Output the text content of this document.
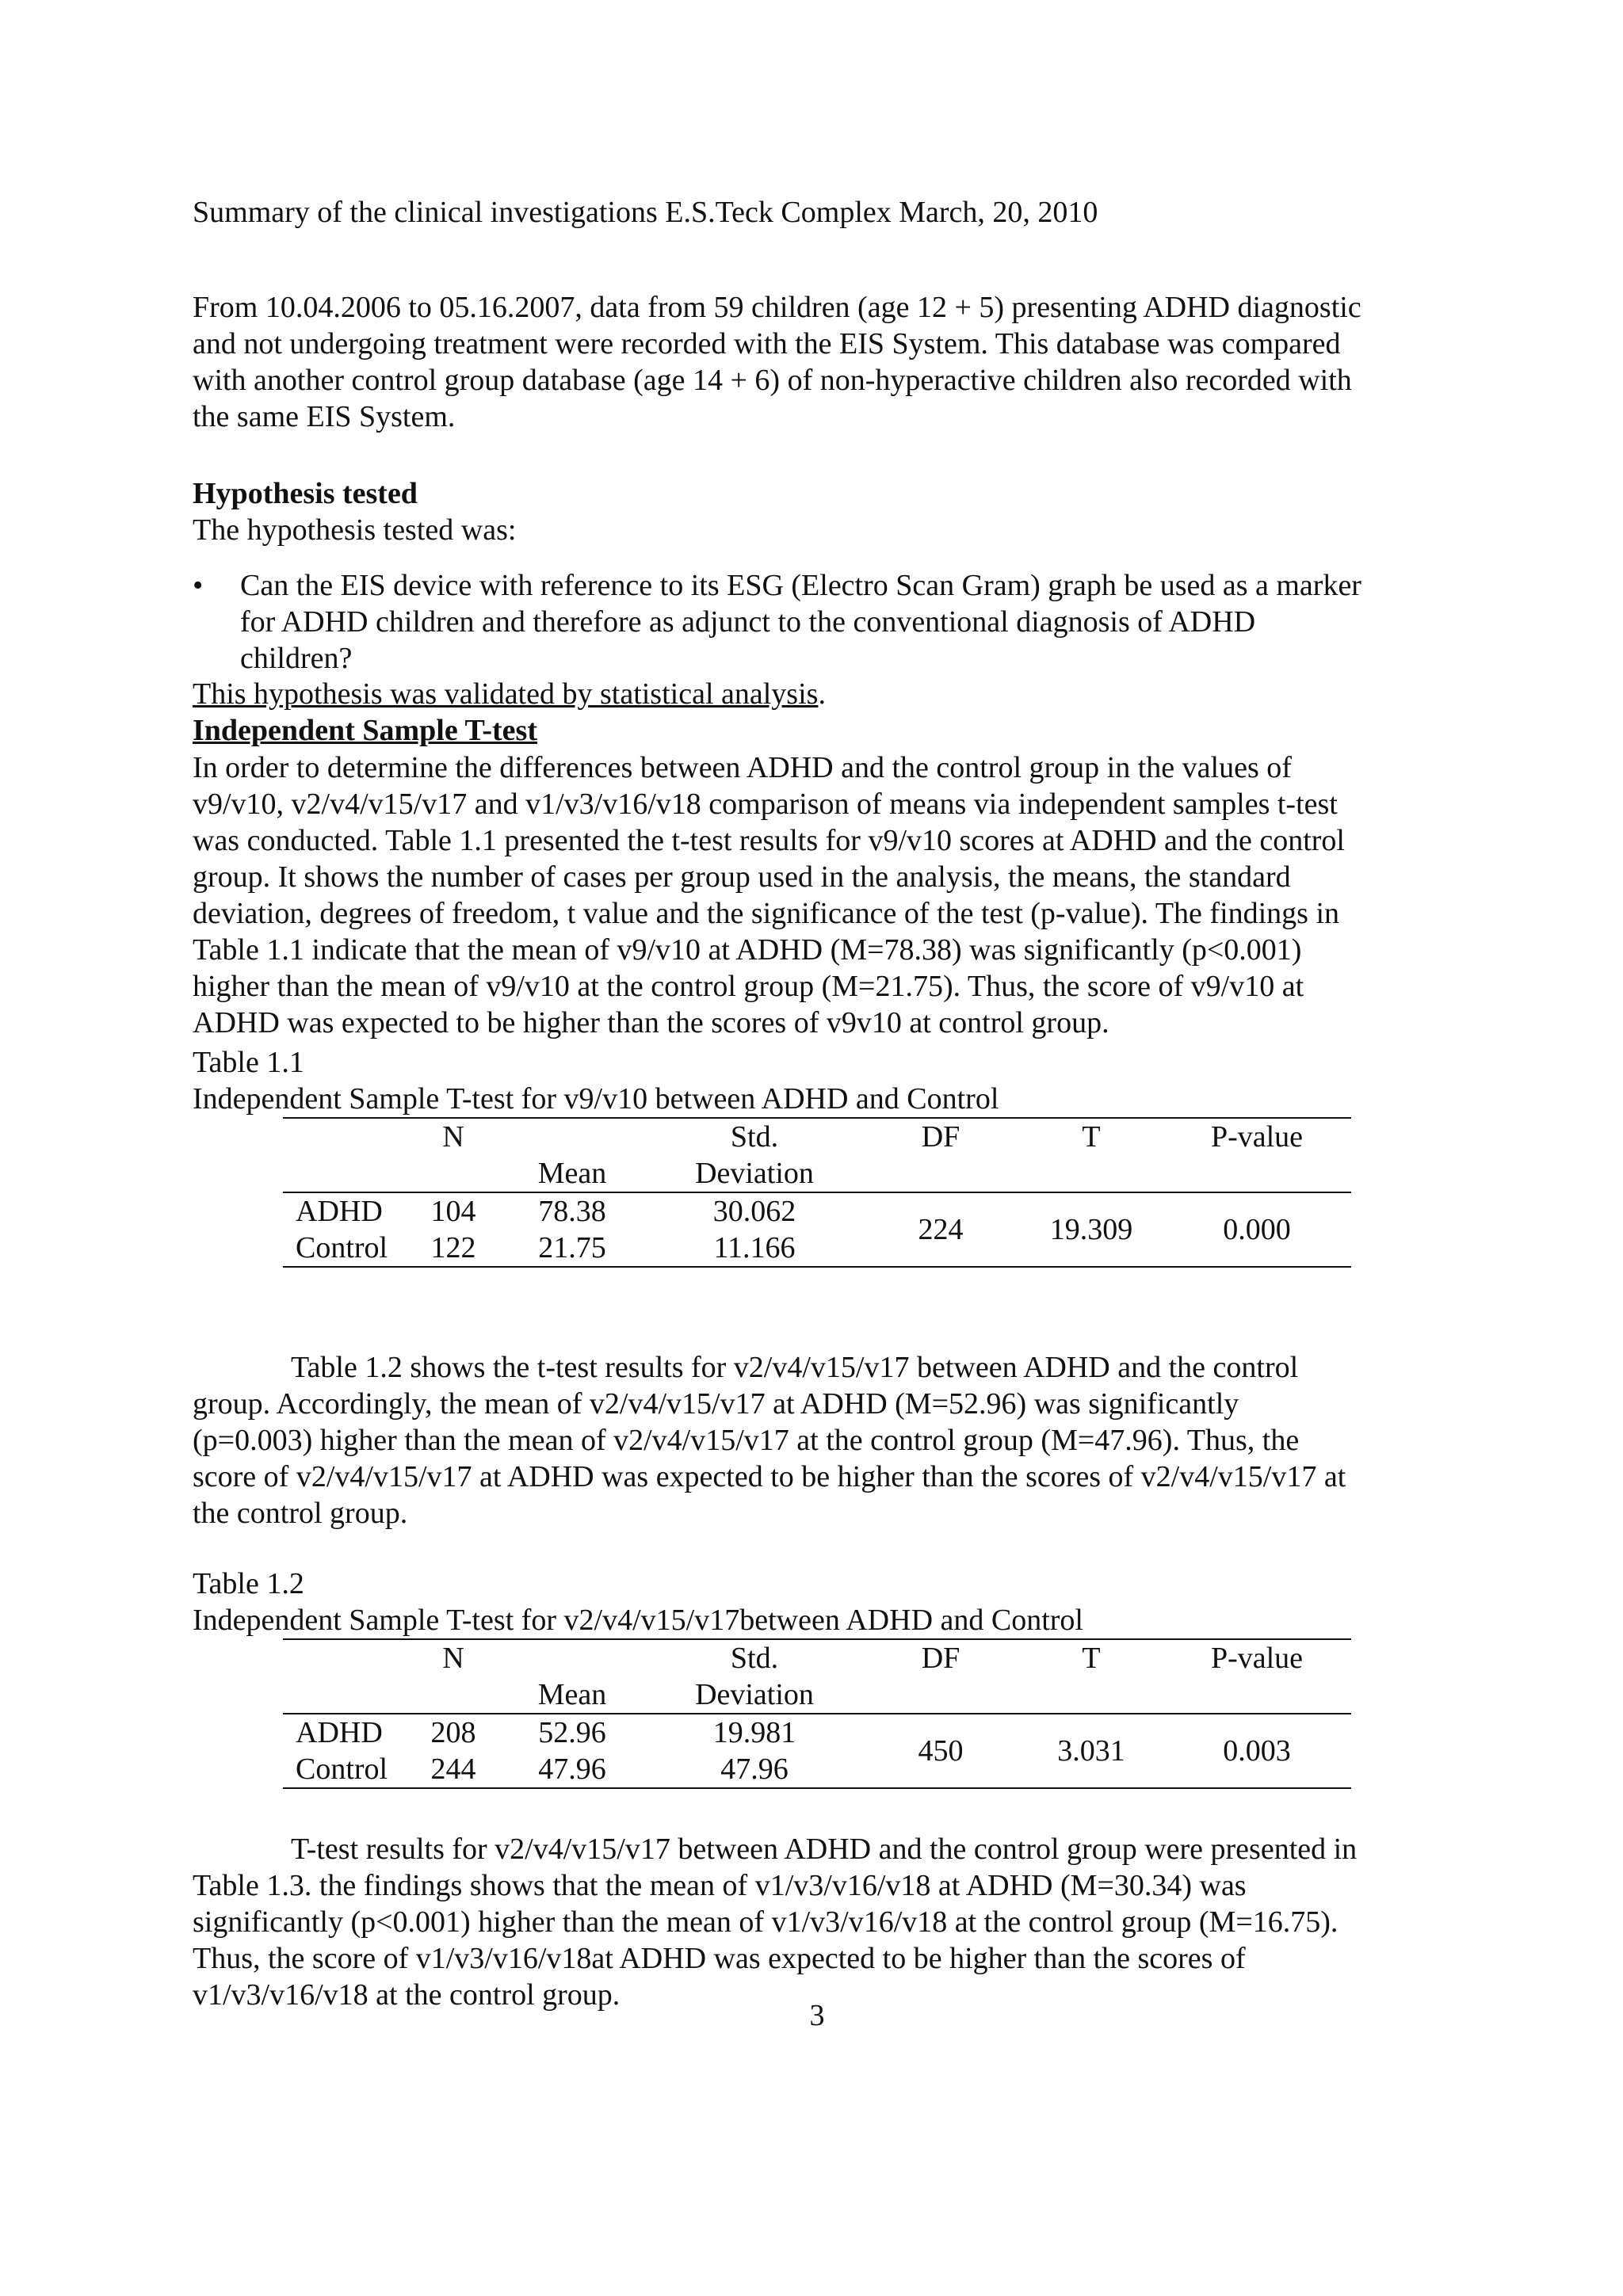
Summary of the clinical investigations E.S.Teck Complex March, 20, 2010
From 10.04.2006 to 05.16.2007, data from 59 children (age 12 + 5) presenting ADHD diagnostic
and not undergoing treatment were recorded with the EIS System. This database was compared
with another control group database (age 14 + 6) of non-hyperactive children also recorded with
the same EIS System.
Hypothesis tested
The hypothesis tested was:
• Can the EIS device with reference to its ESG (Electro Scan Gram) graph be used as a marker
for ADHD children and therefore as adjunct to the conventional diagnosis of ADHD
children?
This hypothesis was validated by statistical analysis.
Independent Sample T-test
In order to determine the differences between ADHD and the control group in the values of
v9/v10, v2/v4/v15/v17 and v1/v3/v16/v18 comparison of means via independent samples t-test
was conducted. Table 1.1 presented the t-test results for v9/v10 scores at ADHD and the control
group. It shows the number of cases per group used in the analysis, the means, the standard
deviation, degrees of freedom, t value and the significance of the test (p-value). The findings in
Table 1.1 indicate that the mean of v9/v10 at ADHD (M=78.38) was significantly (p<0.001)
higher than the mean of v9/v10 at the control group (M=21.75). Thus, the score of v9/v10 at
ADHD was expected to be higher than the scores of v9v10 at control group.
Table 1.1
Independent Sample T-test for v9/v10 between ADHD and Control
	N		Std.	DF	T	P-value
		Mean	Deviation			
ADHD	104	78.38	30.062	224	19.309	0.000
Control	122	21.75	11.166			
Table 1.2 shows the t-test results for v2/v4/v15/v17 between ADHD and the control
group. Accordingly, the mean of v2/v4/v15/v17 at ADHD (M=52.96) was significantly
(p=0.003) higher than the mean of v2/v4/v15/v17 at the control group (M=47.96). Thus, the
score of v2/v4/v15/v17 at ADHD was expected to be higher than the scores of v2/v4/v15/v17 at
the control group.
Table 1.2
Independent Sample T-test for v2/v4/v15/v17between ADHD and Control
	N		Std.	DF	T	P-value
		Mean	Deviation			
ADHD	208	52.96	19.981	450	3.031	0.003
Control	244	47.96	47.96			
T-test results for v2/v4/v15/v17 between ADHD and the control group were presented in
Table 1.3. the findings shows that the mean of v1/v3/v16/v18 at ADHD (M=30.34) was
significantly (p<0.001) higher than the mean of v1/v3/v16/v18 at the control group (M=16.75).
Thus, the score of v1/v3/v16/v18at ADHD was expected to be higher than the scores of
v1/v3/v16/v18 at the control group.
3
